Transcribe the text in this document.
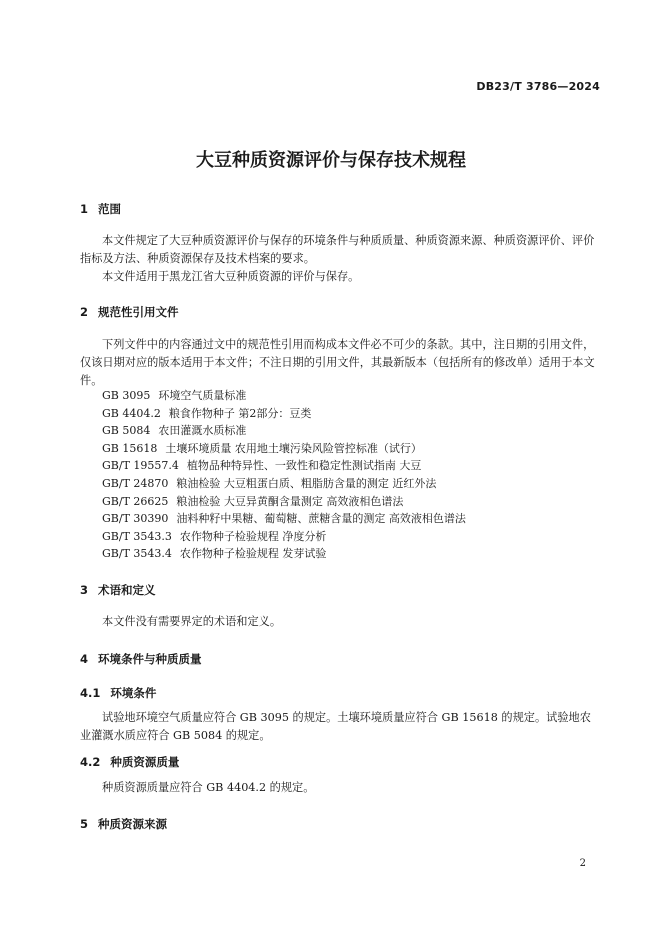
DB23/T 3786—2024
大豆种质资源评价与保存技术规程
1 范围

本文件规定了大豆种质资源评价与保存的环境条件与种质质量、种质资源来源、种质资源评价、评价指标及方法、种质资源保存及技术档案的要求。

本文件适用于黑龙江省大豆种质资源的评价与保存。

2 规范性引用文件

下列文件中的内容通过文中的规范性引用而构成本文件必不可少的条款。其中，注日期的引用文件，仅该日期对应的版本适用于本文件；不注日期的引用文件，其最新版本（包括所有的修改单）适用于本文件。

GB 3095 环境空气质量标准
GB 4404.2 粮食作物种子 第2部分：豆类
GB 5084 农田灌溉水质标准
GB 15618 土壤环境质量 农用地土壤污染风险管控标准（试行）
GB/T 19557.4 植物品种特异性、一致性和稳定性测试指南 大豆
GB/T 24870 粮油检验 大豆粗蛋白质、粗脂肪含量的测定 近红外法
GB/T 26625 粮油检验 大豆异黄酮含量测定 高效液相色谱法
GB/T 30390 油料种籽中果糖、葡萄糖、蔗糖含量的测定 高效液相色谱法
GB/T 3543.3 农作物种子检验规程 净度分析
GB/T 3543.4 农作物种子检验规程 发芽试验
3 术语和定义

本文件没有需要界定的术语和定义。

4 环境条件与种质质量
4.1 环境条件

试验地环境空气质量应符合 GB 3095 的规定。土壤环境质量应符合 GB 15618 的规定。试验地农业灌溉水质应符合 GB 5084 的规定。

4.2 种质资源质量

种质资源质量应符合 GB 4404.2 的规定。

5 种质资源来源
2
